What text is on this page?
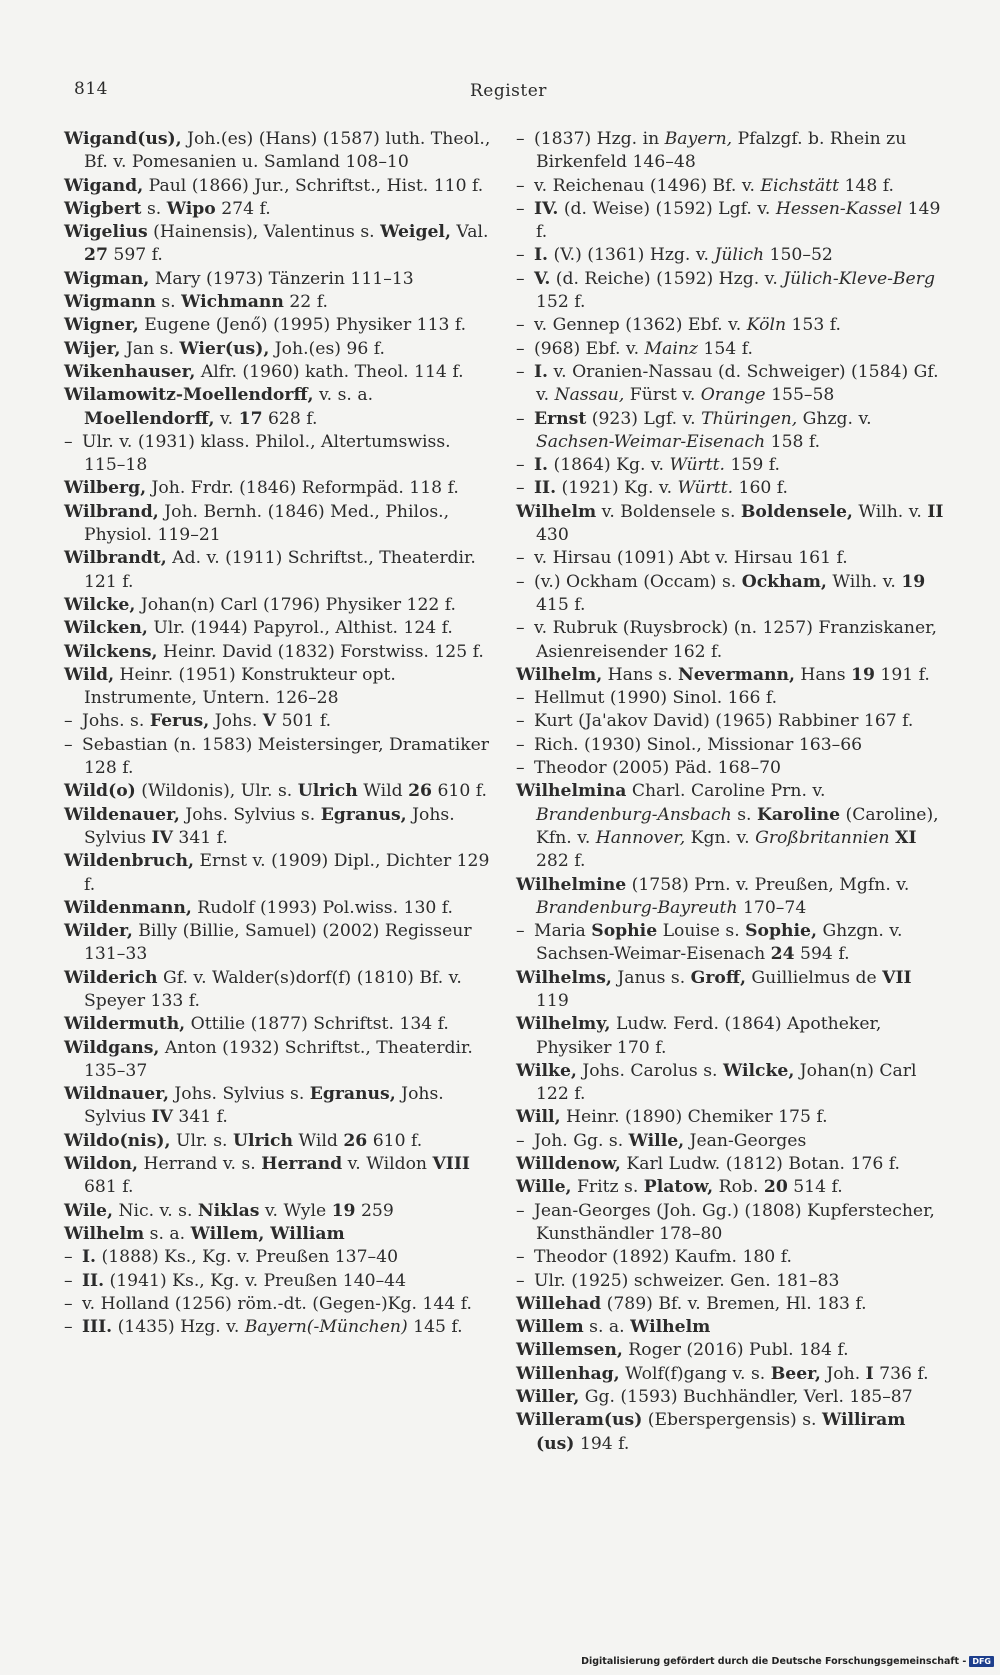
814	Register
Wigand(us), Joh.(es) (Hans) (1587) luth. Theol., Bf. v. Pomesanien u. Samland 108–10
Wigand, Paul (1866) Jur., Schriftst., Hist. 110 f.
Wigbert s. Wipo 274 f.
Wigelius (Hainensis), Valentinus s. Weigel, Val. 27 597 f.
Wigman, Mary (1973) Tänzerin 111–13
Wigmann s. Wichmann 22 f.
Wigner, Eugene (Jenő) (1995) Physiker 113 f.
Wijer, Jan s. Wier(us), Joh.(es) 96 f.
Wikenhauser, Alfr. (1960) kath. Theol. 114 f.
Wilamowitz-Moellendorff, v. s. a. Moellendorff, v. 17 628 f.
– Ulr. v. (1931) klass. Philol., Altertumswiss. 115–18
Wilberg, Joh. Frdr. (1846) Reformpäd. 118 f.
Wilbrand, Joh. Bernh. (1846) Med., Philos., Physiol. 119–21
Wilbrandt, Ad. v. (1911) Schriftst., Theaterdir. 121 f.
Wilcke, Johan(n) Carl (1796) Physiker 122 f.
Wilcken, Ulr. (1944) Papyrol., Althist. 124 f.
Wilckens, Heinr. David (1832) Forstwiss. 125 f.
Wild, Heinr. (1951) Konstrukteur opt. Instrumente, Untern. 126–28
– Johs. s. Ferus, Johs. V 501 f.
– Sebastian (n. 1583) Meistersinger, Dramatiker 128 f.
Wild(o) (Wildonis), Ulr. s. Ulrich Wild 26 610 f.
Wildenauer, Johs. Sylvius s. Egranus, Johs. Sylvius IV 341 f.
Wildenbruch, Ernst v. (1909) Dipl., Dichter 129 f.
Wildenmann, Rudolf (1993) Pol.wiss. 130 f.
Wilder, Billy (Billie, Samuel) (2002) Regisseur 131–33
Wilderich Gf. v. Walder(s)dorf(f) (1810) Bf. v. Speyer 133 f.
Wildermuth, Ottilie (1877) Schriftst. 134 f.
Wildgans, Anton (1932) Schriftst., Theaterdir. 135–37
Wildnauer, Johs. Sylvius s. Egranus, Johs. Sylvius IV 341 f.
Wildo(nis), Ulr. s. Ulrich Wild 26 610 f.
Wildon, Herrand v. s. Herrand v. Wildon VIII 681 f.
Wile, Nic. v. s. Niklas v. Wyle 19 259
Wilhelm s. a. Willem, William
– I. (1888) Ks., Kg. v. Preußen 137–40
– II. (1941) Ks., Kg. v. Preußen 140–44
– v. Holland (1256) röm.-dt. (Gegen-)Kg. 144 f.
– III. (1435) Hzg. v. Bayern(-München) 145 f.
– (1837) Hzg. in Bayern, Pfalzgf. b. Rhein zu Birkenfeld 146–48
– v. Reichenau (1496) Bf. v. Eichstätt 148 f.
– IV. (d. Weise) (1592) Lgf. v. Hessen-Kassel 149 f.
– I. (V.) (1361) Hzg. v. Jülich 150–52
– V. (d. Reiche) (1592) Hzg. v. Jülich-Kleve-Berg 152 f.
– v. Gennep (1362) Ebf. v. Köln 153 f.
– (968) Ebf. v. Mainz 154 f.
– I. v. Oranien-Nassau (d. Schweiger) (1584) Gf. v. Nassau, Fürst v. Orange 155–58
– Ernst (923) Lgf. v. Thüringen, Ghzg. v. Sachsen-Weimar-Eisenach 158 f.
– I. (1864) Kg. v. Württ. 159 f.
– II. (1921) Kg. v. Württ. 160 f.
Wilhelm v. Boldensele s. Boldensele, Wilh. v. II 430
– v. Hirsau (1091) Abt v. Hirsau 161 f.
– (v.) Ockham (Occam) s. Ockham, Wilh. v. 19 415 f.
– v. Rubruk (Ruysbrock) (n. 1257) Franziskaner, Asienreisender 162 f.
Wilhelm, Hans s. Nevermann, Hans 19 191 f.
– Hellmut (1990) Sinol. 166 f.
– Kurt (Ja'akov David) (1965) Rabbiner 167 f.
– Rich. (1930) Sinol., Missionar 163–66
– Theodor (2005) Päd. 168–70
Wilhelmina Charl. Caroline Prn. v. Brandenburg-Ansbach s. Karoline (Caroline), Kfn. v. Hannover, Kgn. v. Großbritannien XI 282 f.
Wilhelmine (1758) Prn. v. Preußen, Mgfn. v. Brandenburg-Bayreuth 170–74
– Maria Sophie Louise s. Sophie, Ghzgn. v. Sachsen-Weimar-Eisenach 24 594 f.
Wilhelms, Janus s. Groff, Guillielmus de VII 119
Wilhelmy, Ludw. Ferd. (1864) Apotheker, Physiker 170 f.
Wilke, Johs. Carolus s. Wilcke, Johan(n) Carl 122 f.
Will, Heinr. (1890) Chemiker 175 f.
– Joh. Gg. s. Wille, Jean-Georges
Willdenow, Karl Ludw. (1812) Botan. 176 f.
Wille, Fritz s. Platow, Rob. 20 514 f.
– Jean-Georges (Joh. Gg.) (1808) Kupferstecher, Kunsthändler 178–80
– Theodor (1892) Kaufm. 180 f.
– Ulr. (1925) schweizer. Gen. 181–83
Willehad (789) Bf. v. Bremen, Hl. 183 f.
Willem s. a. Wilhelm
Willemsen, Roger (2016) Publ. 184 f.
Willenhag, Wolf(f)gang v. s. Beer, Joh. I 736 f.
Willer, Gg. (1593) Buchhändler, Verl. 185–87
Willeram(us) (Eberspergensis) s. Williram (us) 194 f.
Digitalisierung gefördert durch die Deutsche Forschungsgemeinschaft - DFG
